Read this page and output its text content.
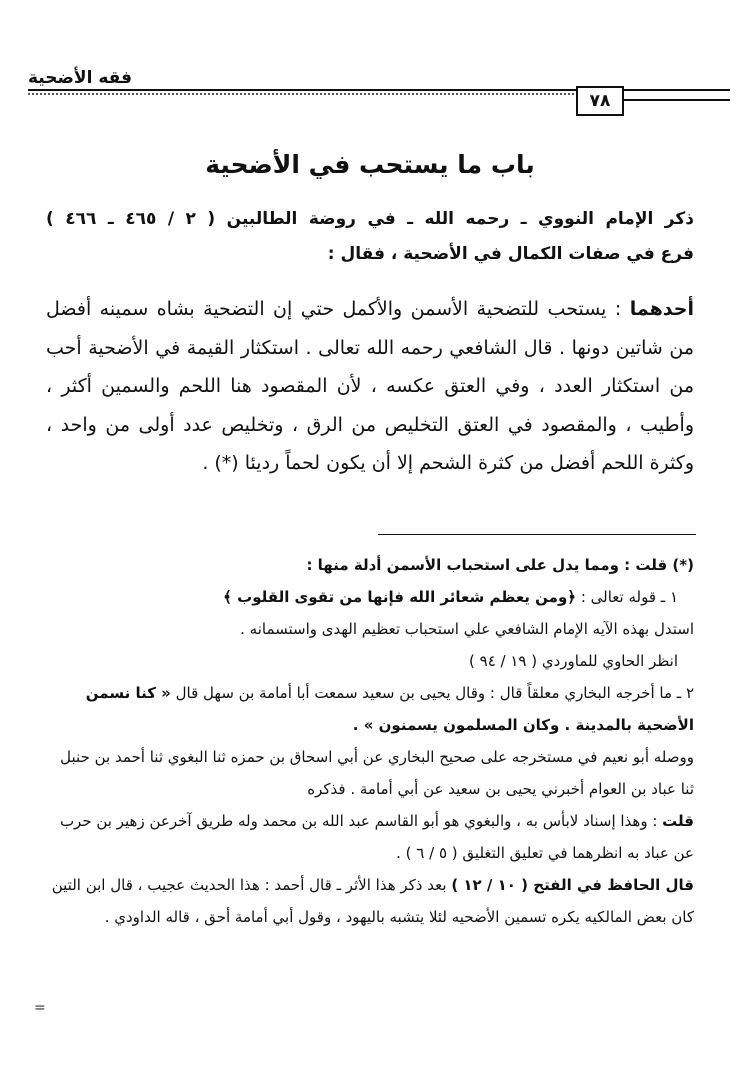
فقه الأضحية
٧٨
باب ما يستحب في الأضحية

ذكر الإمام النووي ـ رحمه الله ـ في روضة الطالبين ( ٢ / ٤٦٥ ـ ٤٦٦ )

فرع في صفات الكمال في الأضحية ، فقال :

أحدهما : يستحب للتضحية الأسمن والأكمل حتي إن التضحية بشاه سمينه أفضل من شاتين دونها . قال الشافعي رحمه الله تعالى . استكثار القيمة في الأضحية أحب من استكثار العدد ، وفي العتق عكسه ، لأن المقصود هنا اللحم والسمين أكثر ، وأطيب ، والمقصود في العتق التخليص من الرق ، وتخليص عدد أولى من واحد ، وكثرة اللحم أفضل من كثرة الشحم إلا أن يكون لحماً رديئا (*) .

(*) قلت : ومما يدل على استحباب الأسمن أدلة منها :

١ ـ قوله تعالى : ﴿ومن يعظم شعائر الله فإنها من تقوى القلوب ﴾

استدل بهذه الآيه الإمام الشافعي علي استحباب تعظيم الهدى واستسمانه .

انظر الحاوي للماوردي ( ١٩ / ٩٤ )

٢ ـ ما أخرجه البخاري معلقاً قال : وقال يحيى بن سعيد سمعت أبا أمامة بن سهل قال « كنا نسمن الأضحية بالمدينة . وكان المسلمون يسمنون » .

ووصله أبو نعيم في مستخرجه على صحيح البخاري عن أبي اسحاق بن حمزه ثنا البغوي ثنا أحمد بن حنبل ثنا عباد بن العوام أخبرني يحيى بن سعيد عن أبي أمامة . فذكره

قلت : وهذا إسناد لابأس به ، والبغوي هو أبو القاسم عبد الله بن محمد وله طريق آخرعن زهير بن حرب عن عباد به انظرهما في تعليق التغليق ( ٥ / ٦ ) .

قال الحافظ في الفتح ( ١٠ / ١٢ ) بعد ذكر هذا الأثر ـ قال أحمد : هذا الحديث عجيب ، قال ابن التين كان بعض المالكيه يكره تسمين الأضحيه لئلا يتشبه باليهود ، وقول أبي أمامة أحق ، قاله الداودي .

=
